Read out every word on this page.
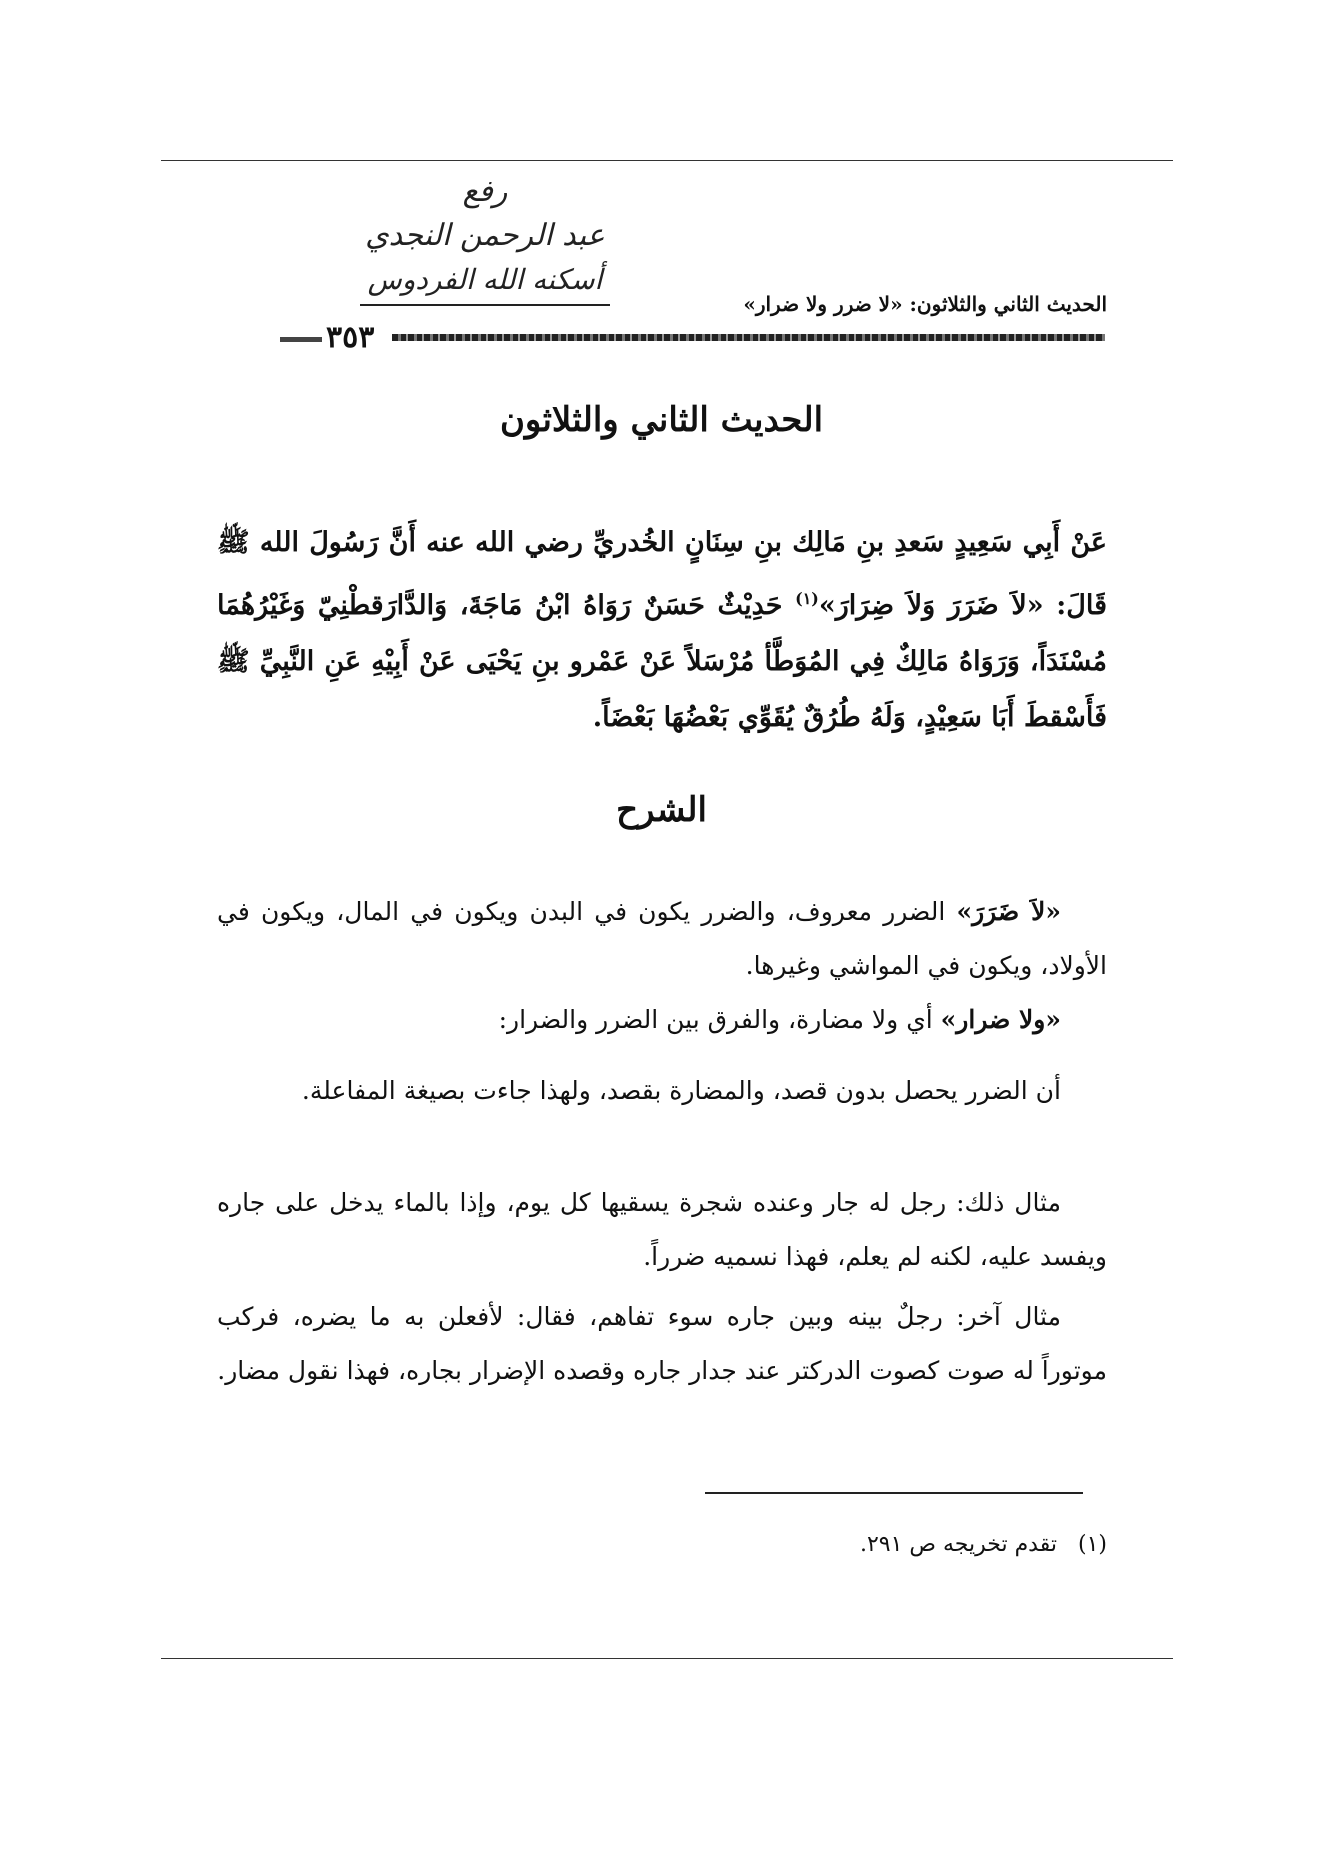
رفع
عبد الرحمن النجدي
أسكنه الله الفردوس
الحديث الثاني والثلاثون: «لا ضرر ولا ضرار»
٣٥٣
الحديث الثاني والثلاثون

عَنْ أَبِي سَعِيدٍ سَعدِ بنِ مَالِك بنِ سِنَانٍ الخُدريِّ رضي الله عنه أَنَّ رَسُولَ الله ﷺ قَالَ: «لاَ ضَرَرَ وَلاَ ضِرَارَ»$^{(١)}$ حَدِيْثٌ حَسَنٌ رَوَاهُ ابْنُ مَاجَةَ، وَالدَّارَقطْنِيّ وَغَيْرُهُمَا مُسْنَدَاً، وَرَوَاهُ مَالِكٌ فِي المُوَطَّأ مُرْسَلاً عَنْ عَمْرو بنِ يَحْيَى عَنْ أَبِيْهِ عَنِ النَّبِيِّ ﷺ فَأَسْقطَ أَبَا سَعِيْدٍ، وَلَهُ طُرُقٌ يُقَوِّي بَعْضُهَا بَعْضَاً.

الشرح

«لاَ ضَرَرَ» الضرر معروف، والضرر يكون في البدن ويكون في المال، ويكون في الأولاد، ويكون في المواشي وغيرها.

«ولا ضرار» أي ولا مضارة، والفرق بين الضرر والضرار:

أن الضرر يحصل بدون قصد، والمضارة بقصد، ولهذا جاءت بصيغة المفاعلة.

مثال ذلك: رجل له جار وعنده شجرة يسقيها كل يوم، وإذا بالماء يدخل على جاره ويفسد عليه، لكنه لم يعلم، فهذا نسميه ضرراً.

مثال آخر: رجلٌ بينه وبين جاره سوء تفاهم، فقال: لأفعلن به ما يضره، فركب موتوراً له صوت كصوت الدركتر عند جدار جاره وقصده الإضرار بجاره، فهذا نقول مضار.

(١)   تقدم تخريجه ص ٢٩١.
